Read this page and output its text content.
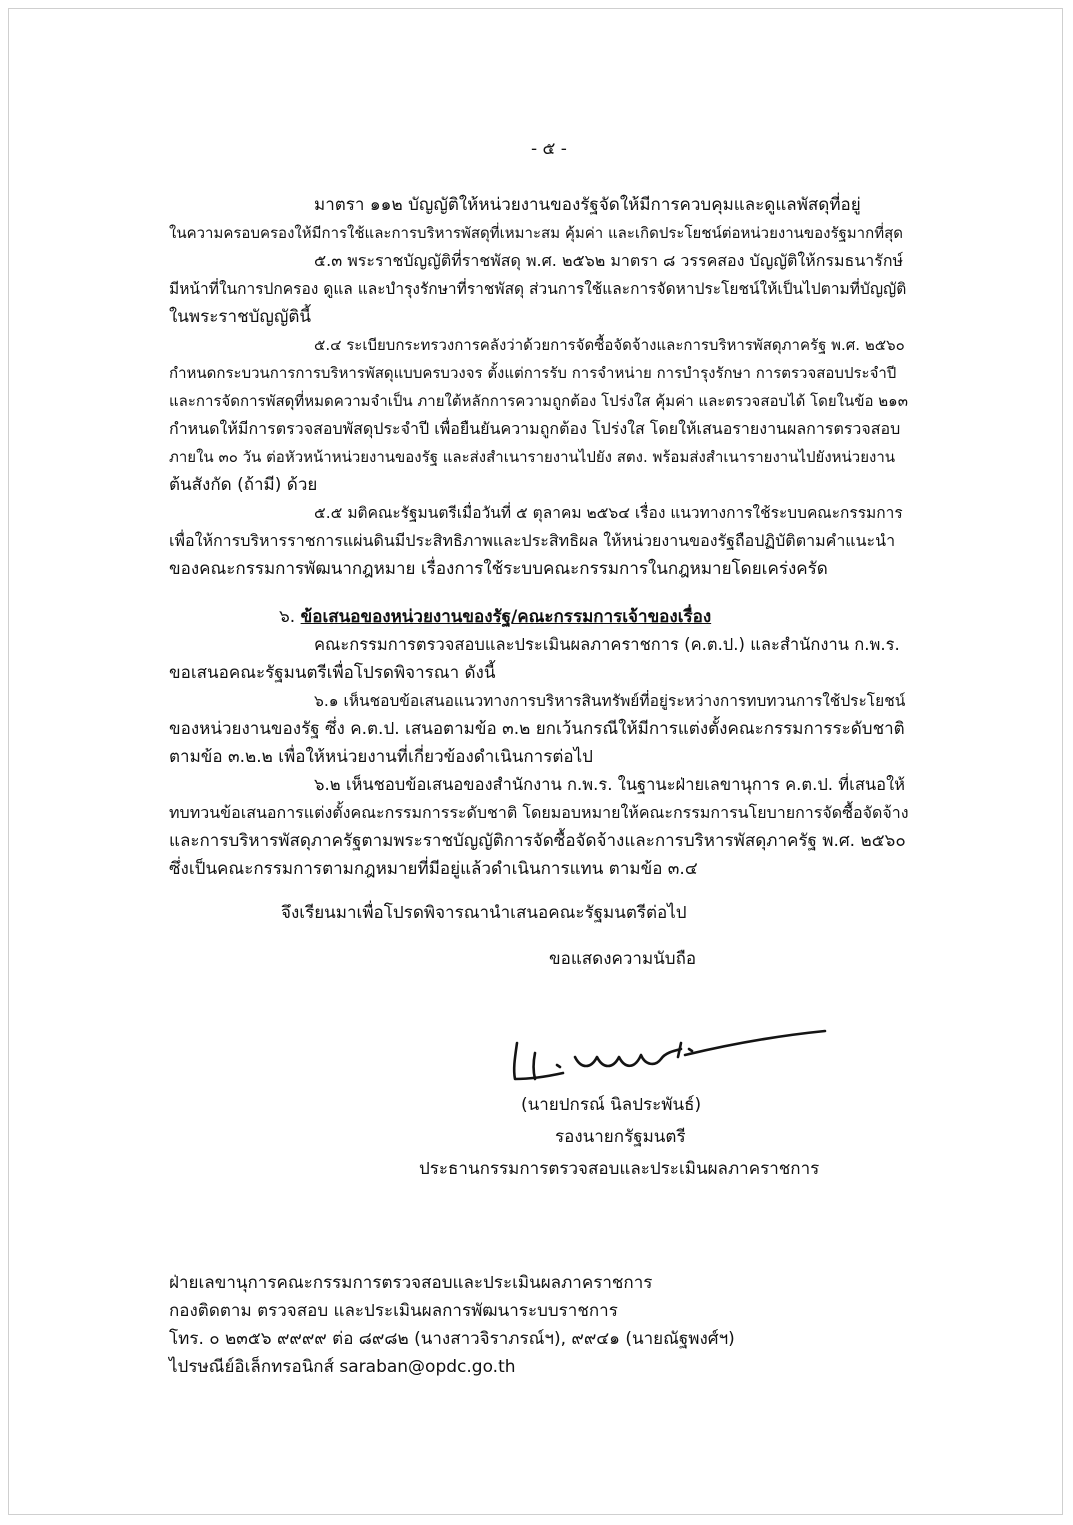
- ๕ -
มาตรา ๑๑๒ บัญญัติให้หน่วยงานของรัฐจัดให้มีการควบคุมและดูแลพัสดุที่อยู่
ในความครอบครองให้มีการใช้และการบริหารพัสดุที่เหมาะสม คุ้มค่า และเกิดประโยชน์ต่อหน่วยงานของรัฐมากที่สุด
๕.๓ พระราชบัญญัติที่ราชพัสดุ พ.ศ. ๒๕๖๒ มาตรา ๘ วรรคสอง บัญญัติให้กรมธนารักษ์
มีหน้าที่ในการปกครอง ดูแล และบำรุงรักษาที่ราชพัสดุ ส่วนการใช้และการจัดหาประโยชน์ให้เป็นไปตามที่บัญญัติ
ในพระราชบัญญัตินี้
๕.๔ ระเบียบกระทรวงการคลังว่าด้วยการจัดซื้อจัดจ้างและการบริหารพัสดุภาครัฐ พ.ศ. ๒๕๖๐
กำหนดกระบวนการการบริหารพัสดุแบบครบวงจร ตั้งแต่การรับ การจำหน่าย การบำรุงรักษา การตรวจสอบประจำปี
และการจัดการพัสดุที่หมดความจำเป็น ภายใต้หลักการความถูกต้อง โปร่งใส คุ้มค่า และตรวจสอบได้ โดยในข้อ ๒๑๓
กำหนดให้มีการตรวจสอบพัสดุประจำปี เพื่อยืนยันความถูกต้อง โปร่งใส โดยให้เสนอรายงานผลการตรวจสอบ
ภายใน ๓๐ วัน ต่อหัวหน้าหน่วยงานของรัฐ และส่งสำเนารายงานไปยัง สตง. พร้อมส่งสำเนารายงานไปยังหน่วยงาน
ต้นสังกัด (ถ้ามี) ด้วย
๕.๕ มติคณะรัฐมนตรีเมื่อวันที่ ๕ ตุลาคม ๒๕๖๔ เรื่อง แนวทางการใช้ระบบคณะกรรมการ
เพื่อให้การบริหารราชการแผ่นดินมีประสิทธิภาพและประสิทธิผล ให้หน่วยงานของรัฐถือปฏิบัติตามคำแนะนำ
ของคณะกรรมการพัฒนากฎหมาย เรื่องการใช้ระบบคณะกรรมการในกฎหมายโดยเคร่งครัด
๖. ข้อเสนอของหน่วยงานของรัฐ/คณะกรรมการเจ้าของเรื่อง
คณะกรรมการตรวจสอบและประเมินผลภาคราชการ (ค.ต.ป.) และสำนักงาน ก.พ.ร.
ขอเสนอคณะรัฐมนตรีเพื่อโปรดพิจารณา ดังนี้
๖.๑ เห็นชอบข้อเสนอแนวทางการบริหารสินทรัพย์ที่อยู่ระหว่างการทบทวนการใช้ประโยชน์
ของหน่วยงานของรัฐ ซึ่ง ค.ต.ป. เสนอตามข้อ ๓.๒ ยกเว้นกรณีให้มีการแต่งตั้งคณะกรรมการระดับชาติ
ตามข้อ ๓.๒.๒ เพื่อให้หน่วยงานที่เกี่ยวข้องดำเนินการต่อไป
๖.๒ เห็นชอบข้อเสนอของสำนักงาน ก.พ.ร. ในฐานะฝ่ายเลขานุการ ค.ต.ป. ที่เสนอให้
ทบทวนข้อเสนอการแต่งตั้งคณะกรรมการระดับชาติ โดยมอบหมายให้คณะกรรมการนโยบายการจัดซื้อจัดจ้าง
และการบริหารพัสดุภาครัฐตามพระราชบัญญัติการจัดซื้อจัดจ้างและการบริหารพัสดุภาครัฐ พ.ศ. ๒๕๖๐
ซึ่งเป็นคณะกรรมการตามกฎหมายที่มีอยู่แล้วดำเนินการแทน ตามข้อ ๓.๔
จึงเรียนมาเพื่อโปรดพิจารณานำเสนอคณะรัฐมนตรีต่อไป
ขอแสดงความนับถือ
(นายปกรณ์ นิลประพันธ์)
รองนายกรัฐมนตรี
ประธานกรรมการตรวจสอบและประเมินผลภาคราชการ
ฝ่ายเลขานุการคณะกรรมการตรวจสอบและประเมินผลภาคราชการ
กองติดตาม ตรวจสอบ และประเมินผลการพัฒนาระบบราชการ
โทร. ๐ ๒๓๕๖ ๙๙๙๙ ต่อ ๘๙๘๒ (นางสาวจิราภรณ์ฯ), ๙๙๔๑ (นายณัฐพงศ์ฯ)
ไปรษณีย์อิเล็กทรอนิกส์ saraban@opdc.go.th
